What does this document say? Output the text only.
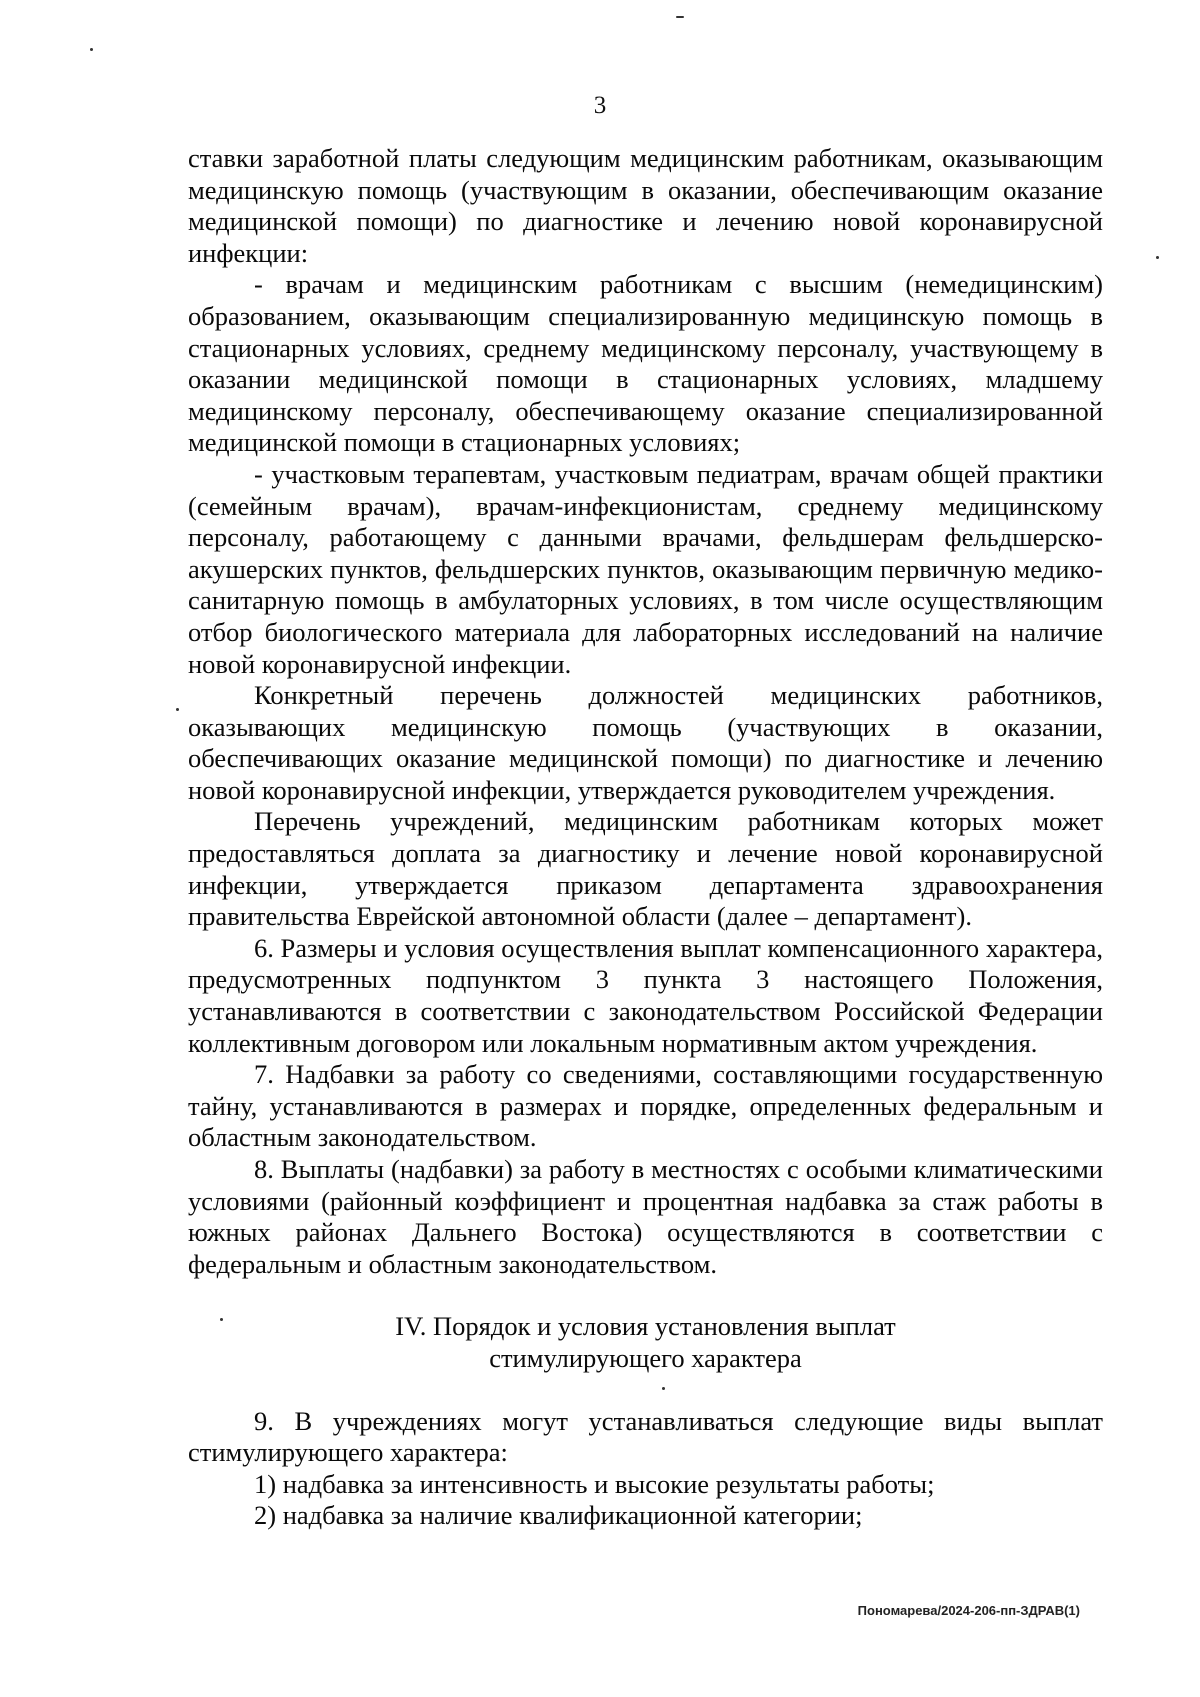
3

ставки заработной платы следующим медицинским работникам, оказывающим медицинскую помощь (участвующим в оказании, обеспечивающим оказание медицинской помощи) по диагностике и лечению новой коронавирусной инфекции:

- врачам и медицинским работникам с высшим (немедицинским) образованием, оказывающим специализированную медицинскую помощь в стационарных условиях, среднему медицинскому персоналу, участвующему в оказании медицинской помощи в стационарных условиях, младшему медицинскому персоналу, обеспечивающему оказание специализированной медицинской помощи в стационарных условиях;

- участковым терапевтам, участковым педиатрам, врачам общей практики (семейным врачам), врачам-инфекционистам, среднему медицинскому персоналу, работающему с данными врачами, фельдшерам фельдшерско-акушерских пунктов, фельдшерских пунктов, оказывающим первичную медико-санитарную помощь в амбулаторных условиях, в том числе осуществляющим отбор биологического материала для лабораторных исследований на наличие новой коронавирусной инфекции.

Конкретный перечень должностей медицинских работников, оказывающих медицинскую помощь (участвующих в оказании, обеспечивающих оказание медицинской помощи) по диагностике и лечению новой коронавирусной инфекции, утверждается руководителем учреждения.

Перечень учреждений, медицинским работникам которых может предоставляться доплата за диагностику и лечение новой коронавирусной инфекции, утверждается приказом департамента здравоохранения правительства Еврейской автономной области (далее – департамент).

6. Размеры и условия осуществления выплат компенсационного характера, предусмотренных подпунктом 3 пункта 3 настоящего Положения, устанавливаются в соответствии с законодательством Российской Федерации коллективным договором или локальным нормативным актом учреждения.

7. Надбавки за работу со сведениями, составляющими государственную тайну, устанавливаются в размерах и порядке, определенных федеральным и областным законодательством.

8. Выплаты (надбавки) за работу в местностях с особыми климатическими условиями (районный коэффициент и процентная надбавка за стаж работы в южных районах Дальнего Востока) осуществляются в соответствии с федеральным и областным законодательством.

IV. Порядок и условия установления выплат
стимулирующего характера

9. В учреждениях могут устанавливаться следующие виды выплат стимулирующего характера:

1) надбавка за интенсивность и высокие результаты работы;

2) надбавка за наличие квалификационной категории;

Пономарева/2024-206-пп-ЗДРАВ(1)
